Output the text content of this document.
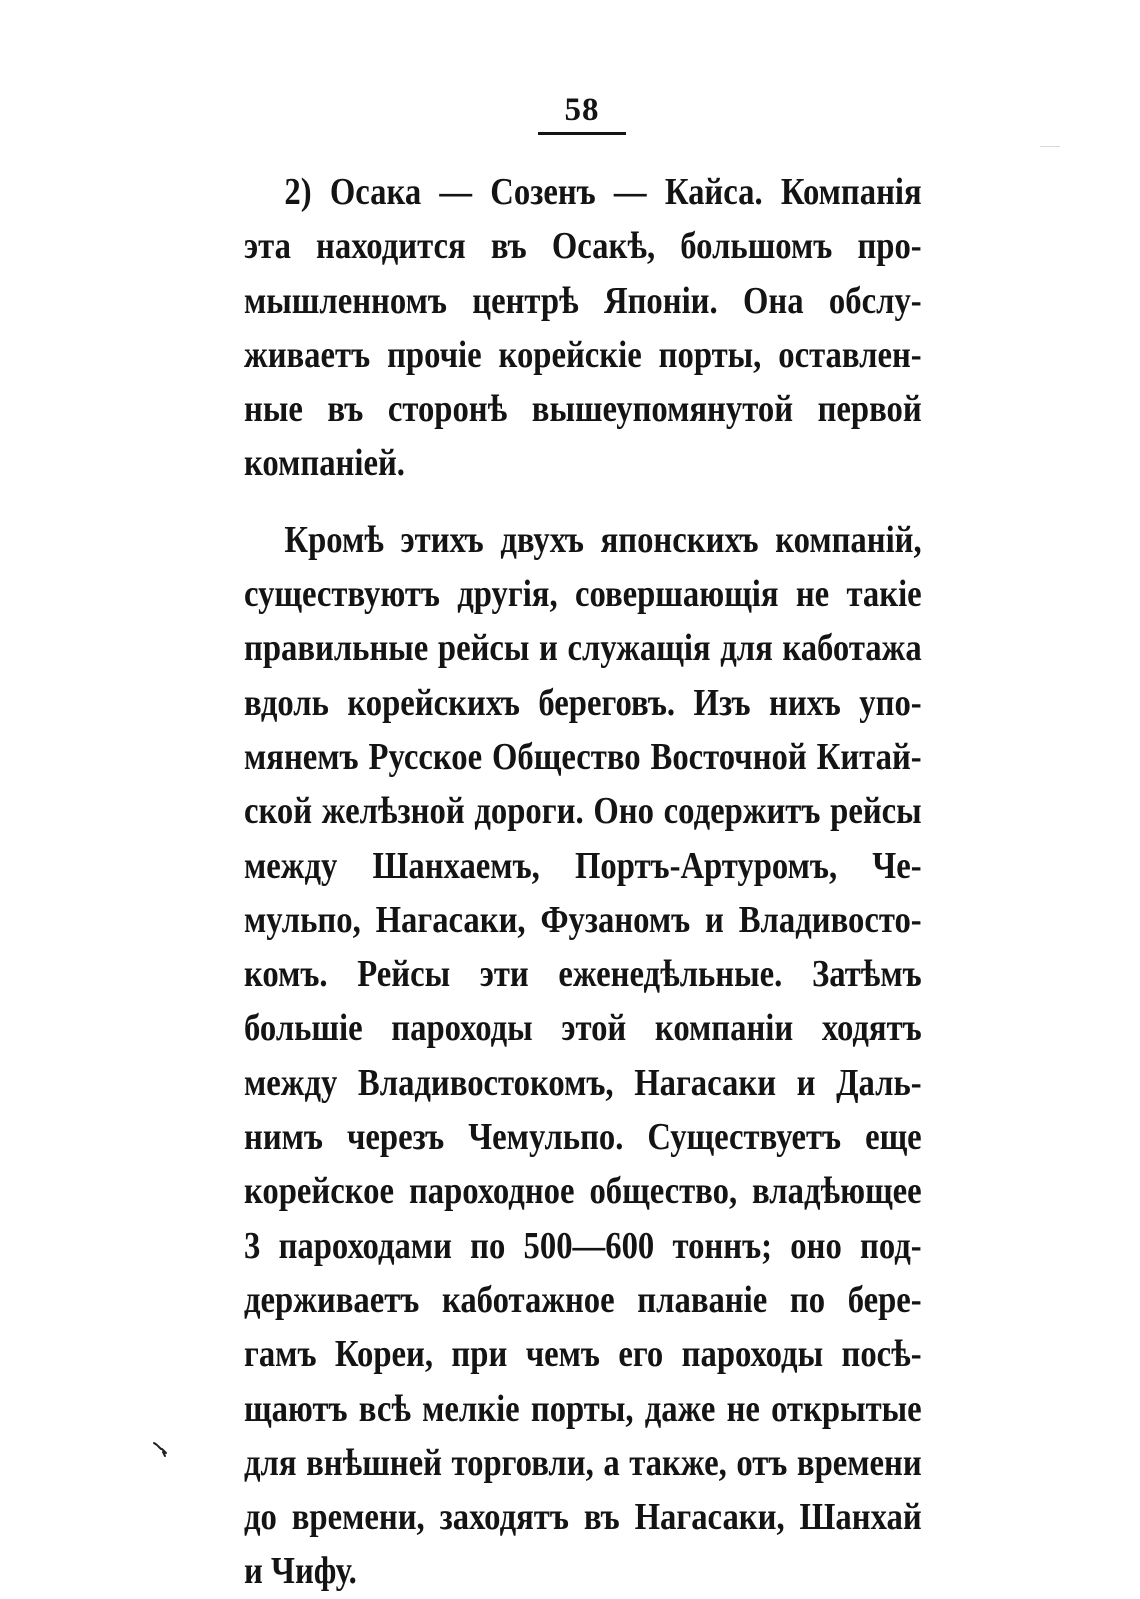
58
2) Осака — Созенъ — Кайса. Компанія
эта находится въ Осакѣ, большомъ про-
мышленномъ центрѣ Японіи. Она обслу-
живаетъ прочіе корейскіе порты, оставлен-
ные въ сторонѣ вышеупомянутой первой
компаніей.
Кромѣ этихъ двухъ японскихъ компаній,
существуютъ другія, совершающія не такіе
правильные рейсы и служащія для каботажа
вдоль корейскихъ береговъ. Изъ нихъ упо-
мянемъ Русское Общество Восточной Китай-
ской желѣзной дороги. Оно содержитъ рейсы
между Шанхаемъ, Портъ-Артуромъ, Че-
мульпо, Нагасаки, Фузаномъ и Владивосто-
комъ. Рейсы эти еженедѣльные. Затѣмъ
большіе пароходы этой компаніи ходятъ
между Владивостокомъ, Нагасаки и Даль-
нимъ черезъ Чемульпо. Существуетъ еще
корейское пароходное общество, владѣющее
3 пароходами по 500—600 тоннъ; оно под-
держиваетъ каботажное плаваніе по бере-
гамъ Кореи, при чемъ его пароходы посѣ-
щаютъ всѣ мелкіе порты, даже не открытые
для внѣшней торговли, а также, отъ времени
до времени, заходятъ въ Нагасаки, Шанхай
и Чифу.
